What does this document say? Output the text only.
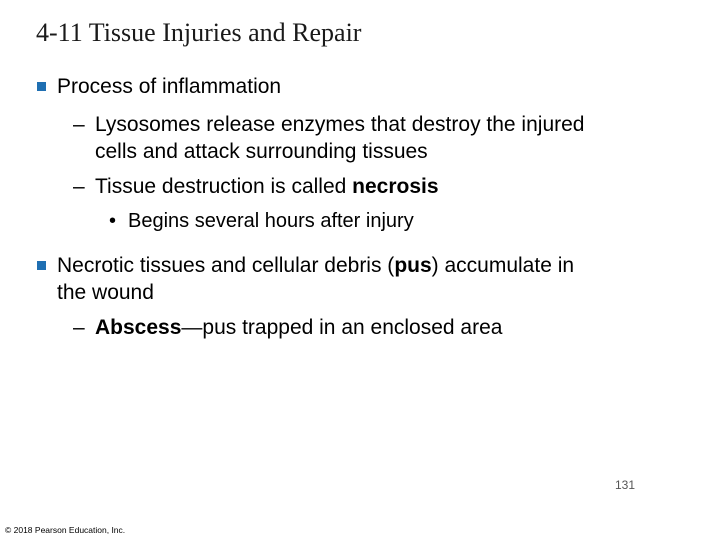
4-11 Tissue Injuries and Repair
Process of inflammation
– Lysosomes release enzymes that destroy the injured
cells and attack surrounding tissues
– Tissue destruction is called necrosis
• Begins several hours after injury
Necrotic tissues and cellular debris (pus) accumulate in
the wound
– Abscess—pus trapped in an enclosed area
131
© 2018 Pearson Education, Inc.
